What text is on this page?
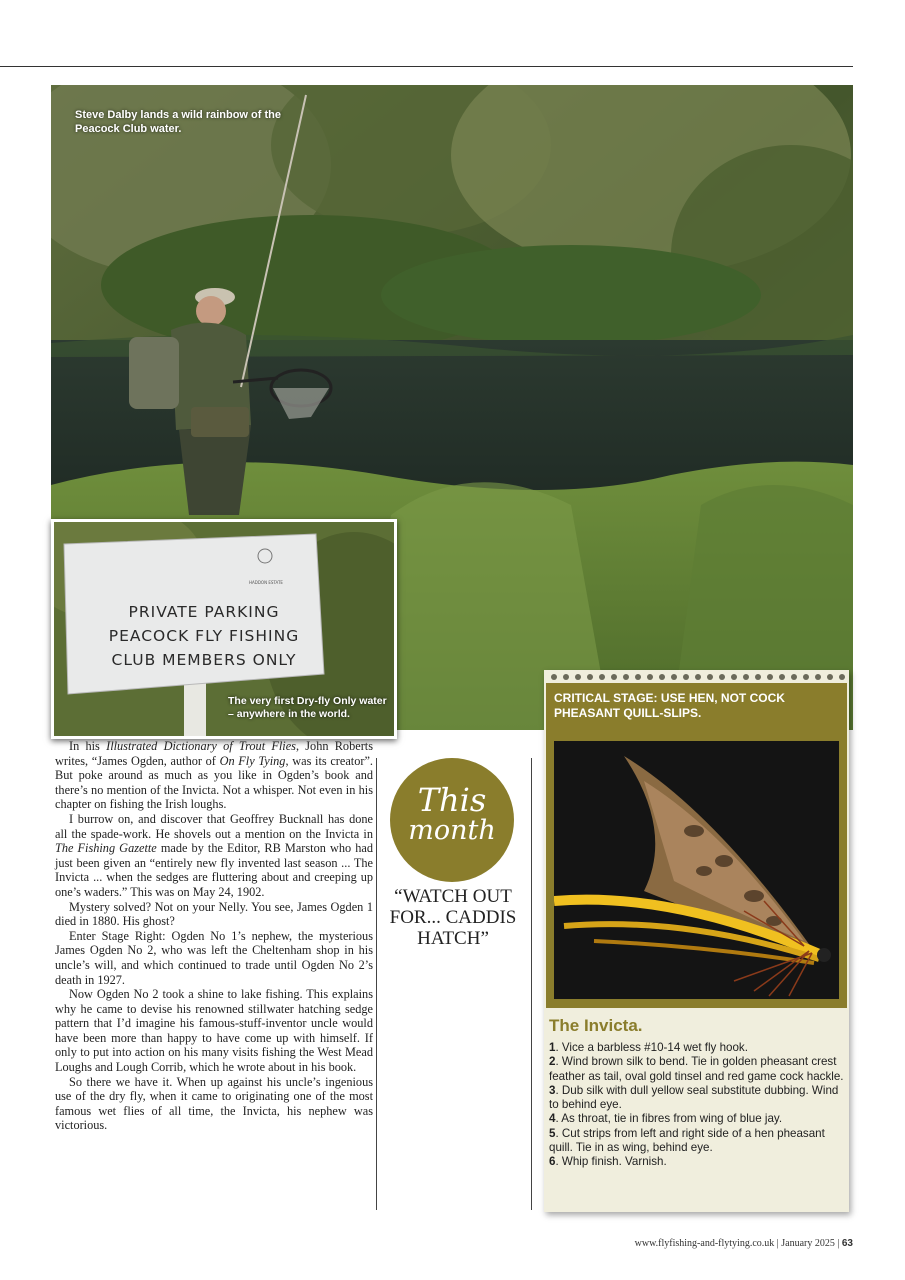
Steve Dalby lands a wild rainbow of the Peacock Club water.
HADDON ESTATE
PRIVATE PARKING
PEACOCK FLY FISHING
CLUB MEMBERS ONLY
The very first Dry-fly Only water – anywhere in the world.

In his Illustrated Dictionary of Trout Flies, John Roberts writes, “James Ogden, author of On Fly Tying, was its creator”. But poke around as much as you like in Ogden’s book and there’s no mention of the Invicta. Not a whisper. Not even in his chapter on fishing the Irish loughs.

I burrow on, and discover that Geoffrey Bucknall has done all the spade-work. He shovels out a mention on the Invicta in The Fishing Gazette made by the Editor, RB Marston who had just been given an “entirely new fly invented last season ... The Invicta ... when the sedges are fluttering about and creeping up one’s waders.” This was on May 24, 1902.

Mystery solved? Not on your Nelly. You see, James Ogden 1 died in 1880. His ghost?

Enter Stage Right: Ogden No 1’s nephew, the mysterious James Ogden No 2, who was left the Cheltenham shop in his uncle’s will, and which continued to trade until Ogden No 2’s death in 1927.

Now Ogden No 2 took a shine to lake fishing. This explains why he came to devise his renowned stillwater hatching sedge pattern that I’d imagine his famous-stuff-inventor uncle would have been more than happy to have come up with himself. If only to put into action on his many visits fishing the West Mead Loughs and Lough Corrib, which he wrote about in his book.

So there we have it. When up against his uncle’s ingenious use of the dry fly, when it came to originating one of the most famous wet flies of all time, the Invicta, his nephew was victorious.

This
month
“WATCH OUT FOR... CADDIS HATCH”
CRITICAL STAGE: USE HEN, NOT COCK PHEASANT QUILL-SLIPS.
The Invicta.
1. Vice a barbless #10-14 wet fly hook.
2. Wind brown silk to bend. Tie in golden pheasant crest feather as tail, oval gold tinsel and red game cock hackle.
3. Dub silk with dull yellow seal substitute dubbing. Wind to behind eye.
4. As throat, tie in fibres from wing of blue jay.
5. Cut strips from left and right side of a hen pheasant quill. Tie in as wing, behind eye.
6. Whip finish. Varnish.
www.flyfishing-and-flytying.co.uk | January 2025 | 63
